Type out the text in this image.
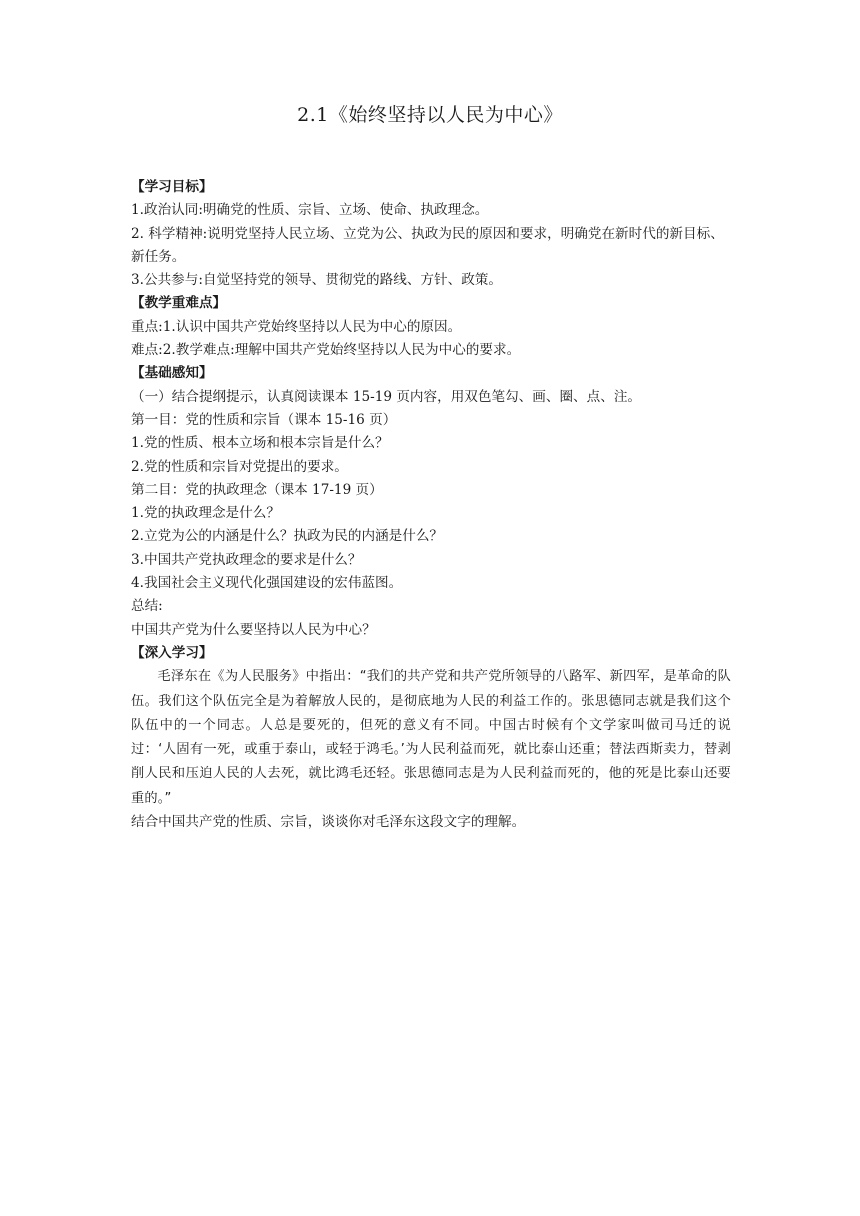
2.1《始终坚持以人民为中心》
【学习目标】
1.政治认同:明确党的性质、宗旨、立场、使命、执政理念。
2. 科学精神:说明党坚持人民立场、立党为公、执政为民的原因和要求，明确党在新时代的新目标、新任务。
3.公共参与:自觉坚持党的领导、贯彻党的路线、方针、政策。
【教学重难点】
重点:1.认识中国共产党始终坚持以人民为中心的原因。
难点:2.教学难点:理解中国共产党始终坚持以人民为中心的要求。
【基础感知】
（一）结合提纲提示，认真阅读课本 15-19 页内容，用双色笔勾、画、圈、点、注。
第一目：党的性质和宗旨（课本 15-16 页）
1.党的性质、根本立场和根本宗旨是什么？
2.党的性质和宗旨对党提出的要求。
第二目：党的执政理念（课本 17-19 页）
1.党的执政理念是什么？
2.立党为公的内涵是什么？执政为民的内涵是什么？
3.中国共产党执政理念的要求是什么？
4.我国社会主义现代化强国建设的宏伟蓝图。
总结:
中国共产党为什么要坚持以人民为中心？
【深入学习】
毛泽东在《为人民服务》中指出：“我们的共产党和共产党所领导的八路军、新四军，是革命的队伍。我们这个队伍完全是为着解放人民的，是彻底地为人民的利益工作的。张思德同志就是我们这个队伍中的一个同志。人总是要死的，但死的意义有不同。中国古时候有个文学家叫做司马迁的说过：‘人固有一死，或重于泰山，或轻于鸿毛。’为人民利益而死，就比泰山还重；替法西斯卖力，替剥削人民和压迫人民的人去死，就比鸿毛还轻。张思德同志是为人民利益而死的，他的死是比泰山还要重的。”
结合中国共产党的性质、宗旨，谈谈你对毛泽东这段文字的理解。
